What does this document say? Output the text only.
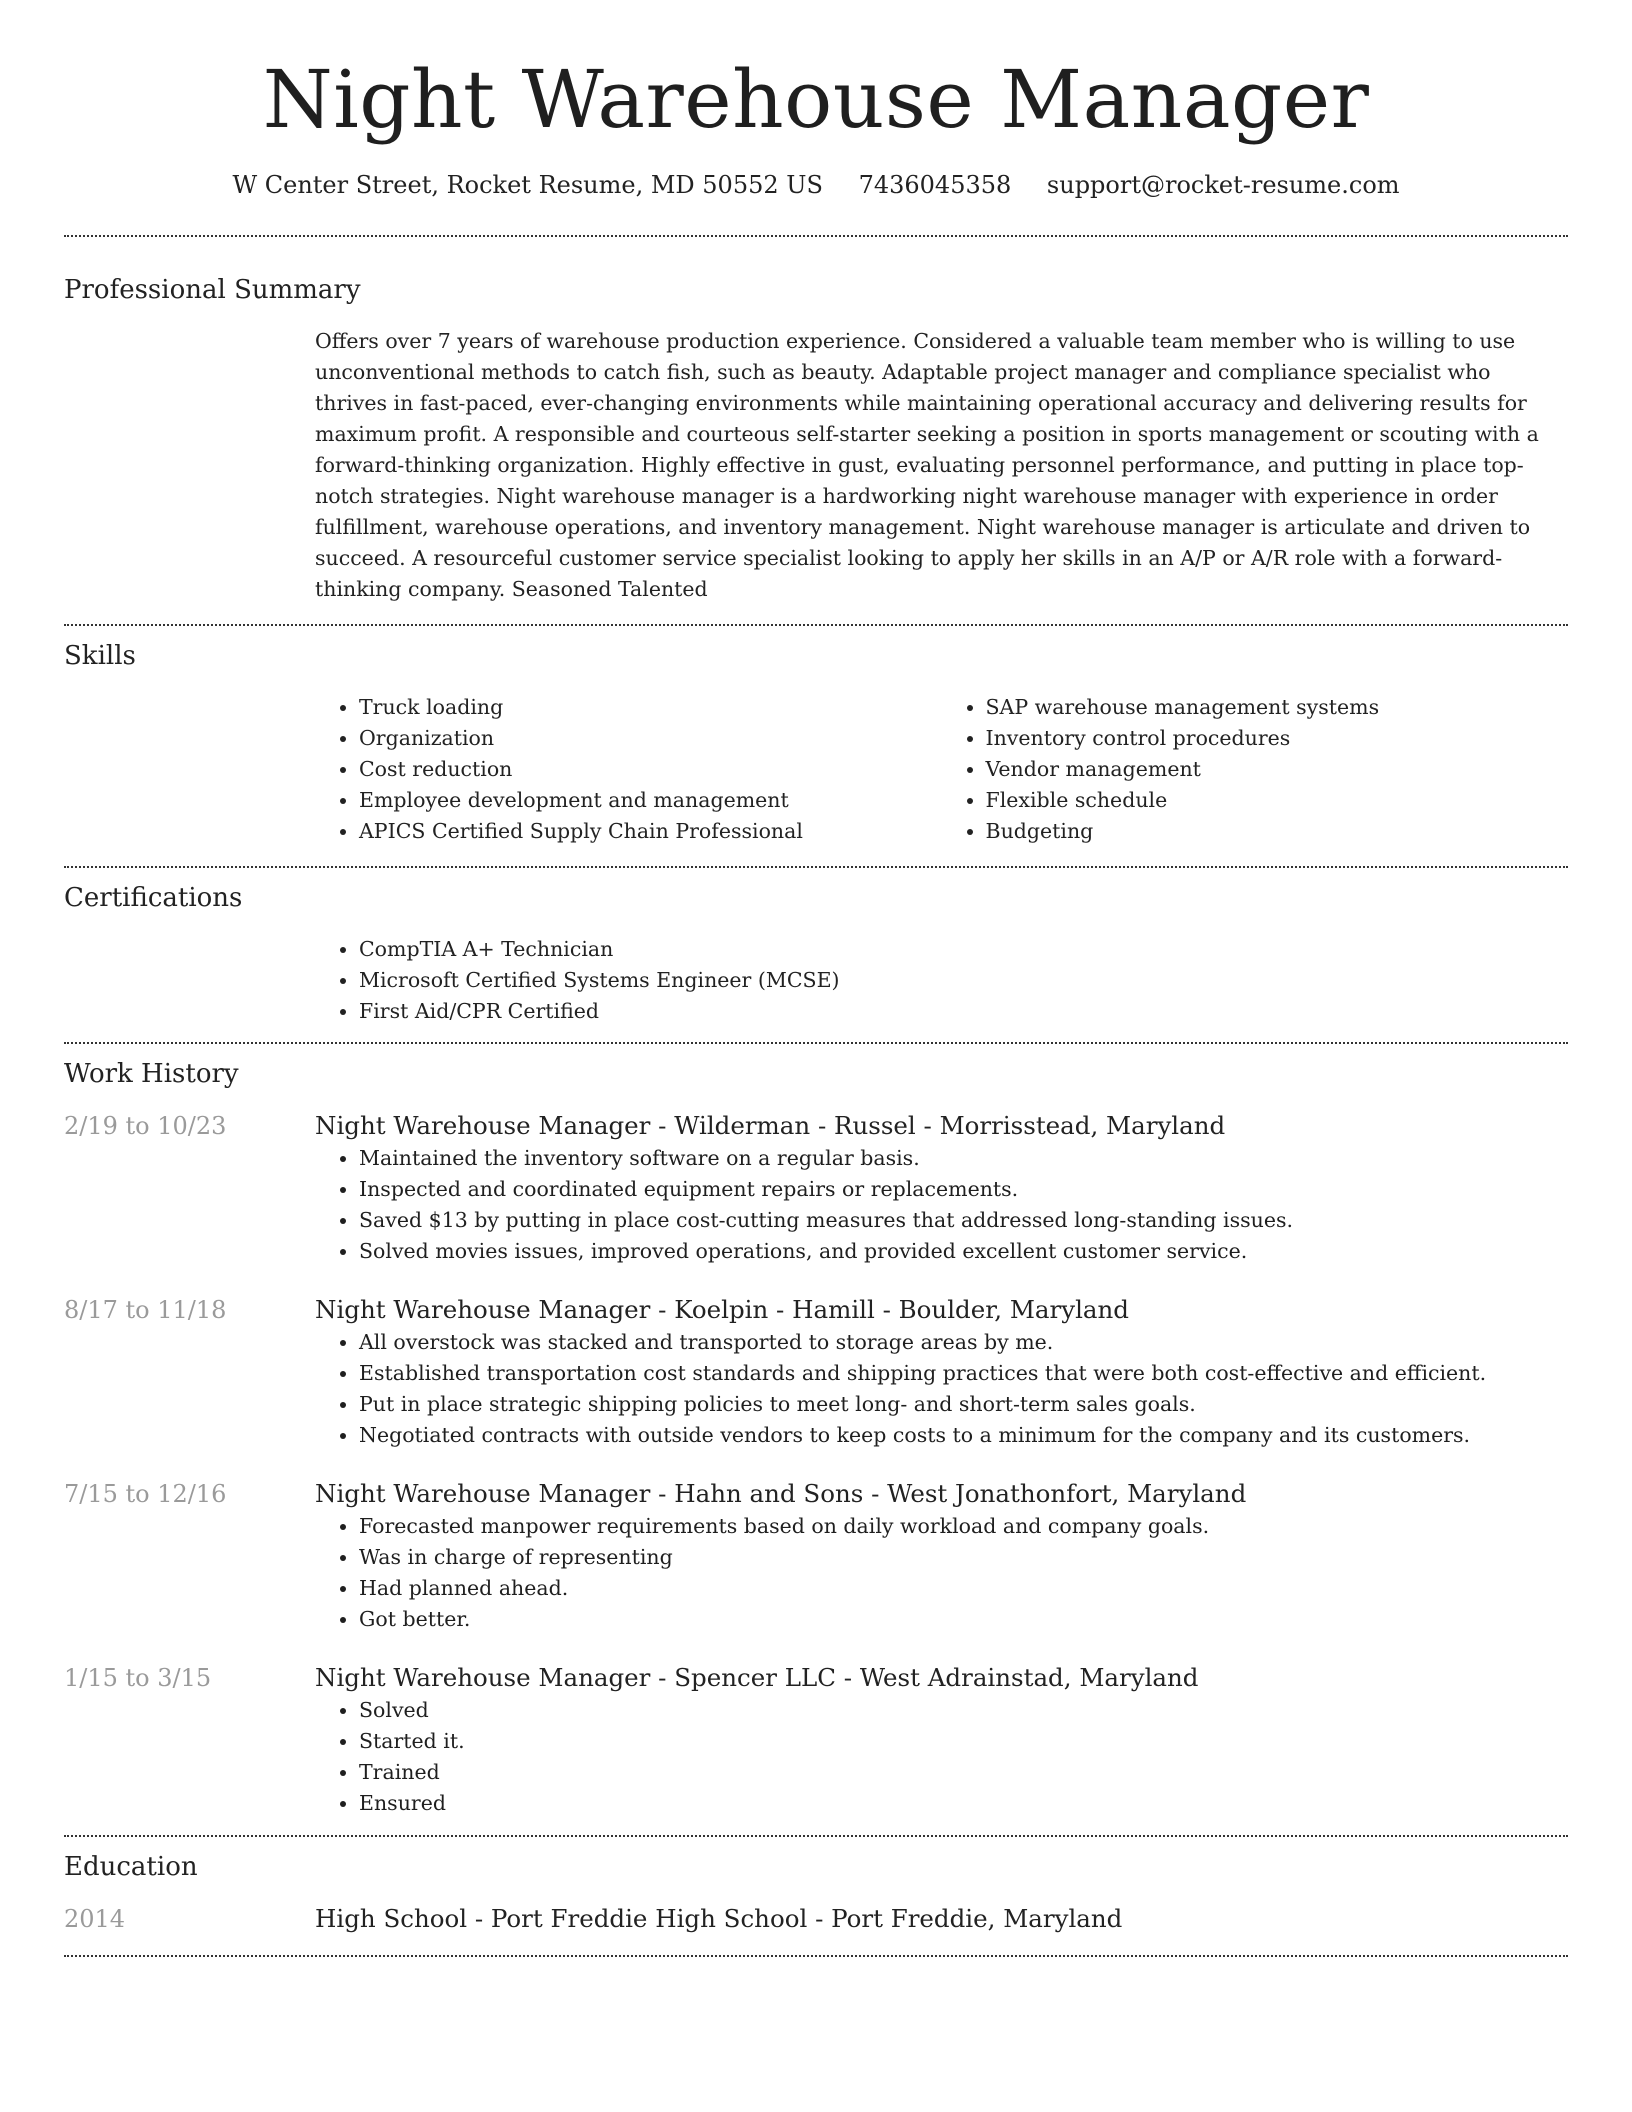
Night Warehouse Manager
W Center Street, Rocket Resume, MD 50552 US 7436045358 support@rocket-resume.com
Professional Summary

Offers over 7 years of warehouse production experience. Considered a valuable team member who is willing to use unconventional methods to catch fish, such as beauty. Adaptable project manager and compliance specialist who thrives in fast-paced, ever-changing environments while maintaining operational accuracy and delivering results for maximum profit. A responsible and courteous self-starter seeking a position in sports management or scouting with a forward-thinking organization. Highly effective in gust, evaluating personnel performance, and putting in place top-notch strategies. Night warehouse manager is a hardworking night warehouse manager with experience in order fulfillment, warehouse operations, and inventory management. Night warehouse manager is articulate and driven to succeed. A resourceful customer service specialist looking to apply her skills in an A/P or A/R role with a forward-thinking company. Seasoned Talented

Skills
• Truck loading
• Organization
• Cost reduction
• Employee development and management
• APICS Certified Supply Chain Professional
• SAP warehouse management systems
• Inventory control procedures
• Vendor management
• Flexible schedule
• Budgeting
Certifications
• CompTIA A+ Technician
• Microsoft Certified Systems Engineer (MCSE)
• First Aid/CPR Certified
Work History
2/19 to 10/23	Night Warehouse Manager - Wilderman - Russel - Morrisstead, Maryland
• Maintained the inventory software on a regular basis.
• Inspected and coordinated equipment repairs or replacements.
• Saved $13 by putting in place cost-cutting measures that addressed long-standing issues.
• Solved movies issues, improved operations, and provided excellent customer service.
8/17 to 11/18	Night Warehouse Manager - Koelpin - Hamill - Boulder, Maryland
• All overstock was stacked and transported to storage areas by me.
• Established transportation cost standards and shipping practices that were both cost-effective and efficient.
• Put in place strategic shipping policies to meet long- and short-term sales goals.
• Negotiated contracts with outside vendors to keep costs to a minimum for the company and its customers.
7/15 to 12/16	Night Warehouse Manager - Hahn and Sons - West Jonathonfort, Maryland
• Forecasted manpower requirements based on daily workload and company goals.
• Was in charge of representing
• Had planned ahead.
• Got better.
1/15 to 3/15	Night Warehouse Manager - Spencer LLC - West Adrainstad, Maryland
• Solved
• Started it.
• Trained
• Ensured
Education
2014	High School - Port Freddie High School - Port Freddie, Maryland
